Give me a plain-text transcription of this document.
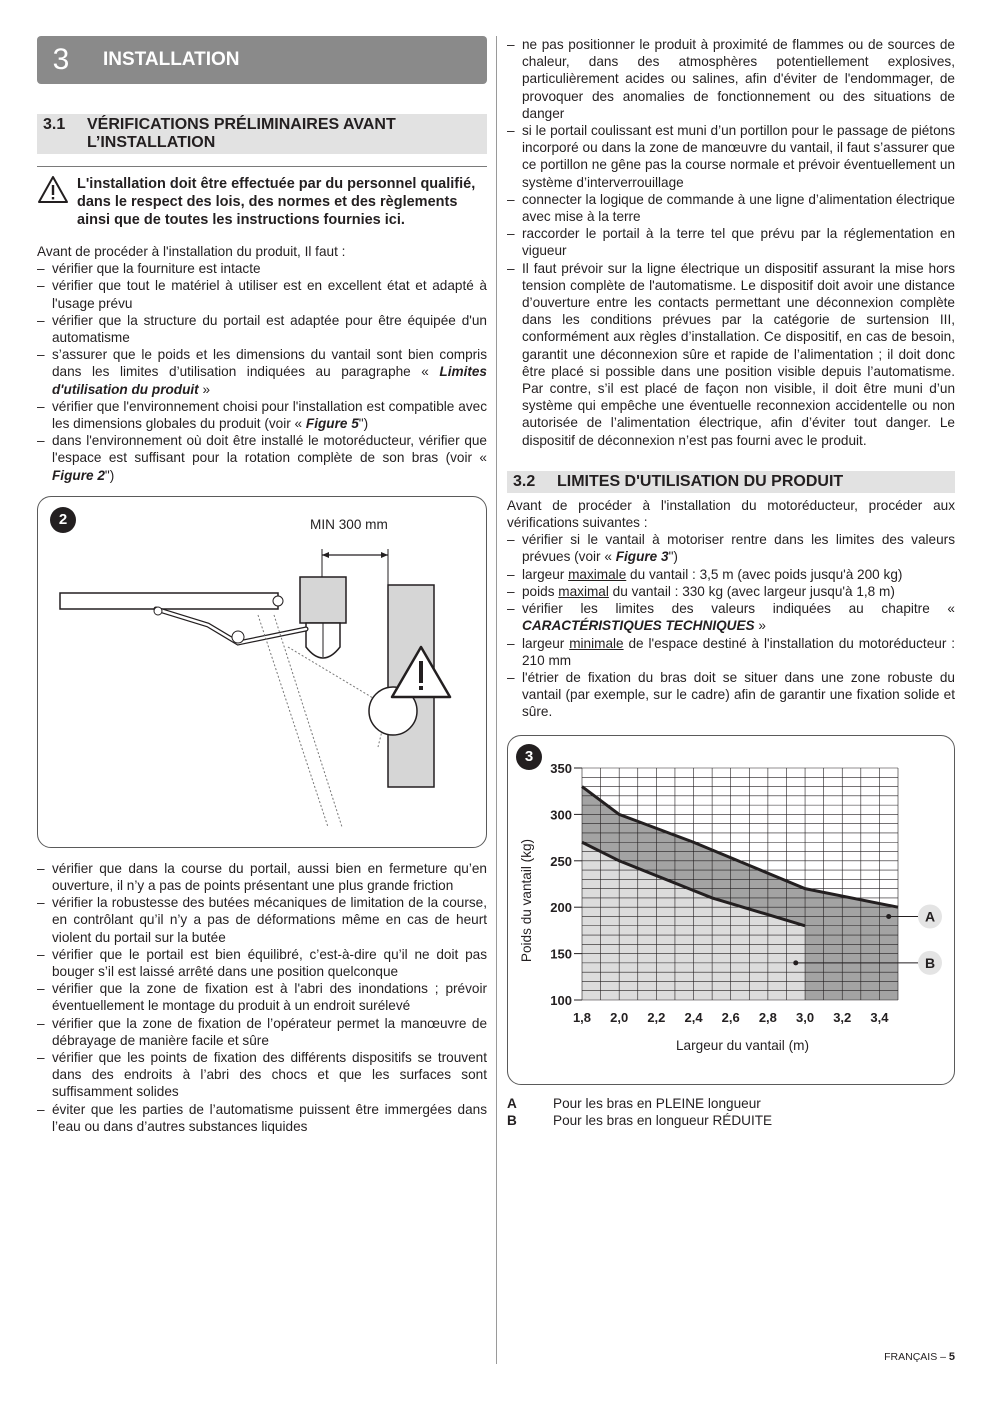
3	INSTALLATION
3.1	VÉRIFICATIONS PRÉLIMINAIRES AVANT L’INSTALLATION
L'installation doit être effectuée par du personnel qualifié, dans le respect des lois, des normes et des règlements ainsi que de toutes les instructions fournies ici.

Avant de procéder à l'installation du produit, Il faut :

– vérifier que la fourniture est intacte
– vérifier que tout le matériel à utiliser est en excellent état et adapté à l'usage prévu
– vérifier que la structure du portail est adaptée pour être équipée d'un automatisme
– s’assurer que le poids et les dimensions du vantail sont bien compris dans les limites d’utilisation indiquées au paragraphe « Limites d'utilisation du produit »
– vérifier que l'environnement choisi pour l'installation est compatible avec les dimensions globales du produit (voir « Figure 5")
– dans l'environnement où doit être installé le motoréducteur, vérifier que l'espace est suffisant pour la rotation complète de son bras (voir « Figure 2")
2	MIN 300 mm
– vérifier que dans la course du portail, aussi bien en fermeture qu’en ouverture, il n’y a pas de points présentant une plus grande friction
– vérifier la robustesse des butées mécaniques de limitation de la course, en contrôlant qu’il n’y a pas de déformations même en cas de heurt violent du portail sur la butée
– vérifier que le portail est bien équilibré, c’est-à-dire qu’il ne doit pas bouger s’il est laissé arrêté dans une position quelconque
– vérifier que la zone de fixation est à l'abri des inondations ; prévoir éventuellement le montage du produit à un endroit surélevé
– vérifier que la zone de fixation de l’opérateur permet la manœuvre de débrayage de manière facile et sûre
– vérifier que les points de fixation des différents dispositifs se trouvent dans des endroits à l’abri des chocs et que les surfaces sont suffisamment solides
– éviter que les parties de l’automatisme puissent être immergées dans l’eau ou dans d’autres substances liquides
– ne pas positionner le produit à proximité de flammes ou de sources de chaleur, dans des atmosphères potentiellement explosives, particulièrement acides ou salines, afin d'éviter de l'endommager, de provoquer des anomalies de fonctionnement ou des situations de danger
– si le portail coulissant est muni d’un portillon pour le passage de piétons incorporé ou dans la zone de manœuvre du vantail, il faut s’assurer que ce portillon ne gêne pas la course normale et prévoir éventuellement un système d’interverrouillage
– connecter la logique de commande à une ligne d’alimentation électrique avec mise à la terre
– raccorder le portail à la terre tel que prévu par la réglementation en vigueur
– Il faut prévoir sur la ligne électrique un dispositif assurant la mise hors tension complète de l'automatisme. Le dispositif doit avoir une distance d’ouverture entre les contacts permettant une déconnexion complète dans les conditions prévues par la catégorie de surtension III, conformément aux règles d’installation. Ce dispositif, en cas de besoin, garantit une déconnexion sûre et rapide de l’alimentation ; il doit donc être placé si possible dans une position visible depuis l’automatisme. Par contre, s’il est placé de façon non visible, il doit être muni d’un système qui empêche une éventuelle reconnexion accidentelle ou non autorisée de l’alimentation électrique, afin d’éviter tout danger. Le dispositif de déconnexion n’est pas fourni avec le produit.
3.2	LIMITES D'UTILISATION DU PRODUIT

Avant de procéder à l'installation du motoréducteur, procéder aux vérifications suivantes :

– vérifier si le vantail à motoriser rentre dans les limites des valeurs prévues (voir « Figure 3")
– largeur maximale du vantail : 3,5 m (avec poids jusqu'à 200 kg)
– poids maximal du vantail : 330 kg (avec largeur jusqu'à 1,8 m)
– vérifier les limites des valeurs indiquées au chapitre « CARACTÉRISTIQUES TECHNIQUES »
– largeur minimale de l'espace destiné à l'installation du motoréducteur : 210 mm
– l'étrier de fixation du bras doit se situer dans une zone robuste du vantail (par exemple, sur le cadre) afin de garantir une fixation solide et sûre.
3
100
150
200
250
300
350
1,8 2,0 2,2 2,4 2,6 2,8 3,0 3,2 3,4
A
B
Largeur du vantail (m)
Poids du vantail (kg)
A	Pour les bras en PLEINE longueur
B	Pour les bras en longueur RÉDUITE
FRANÇAIS – 5
